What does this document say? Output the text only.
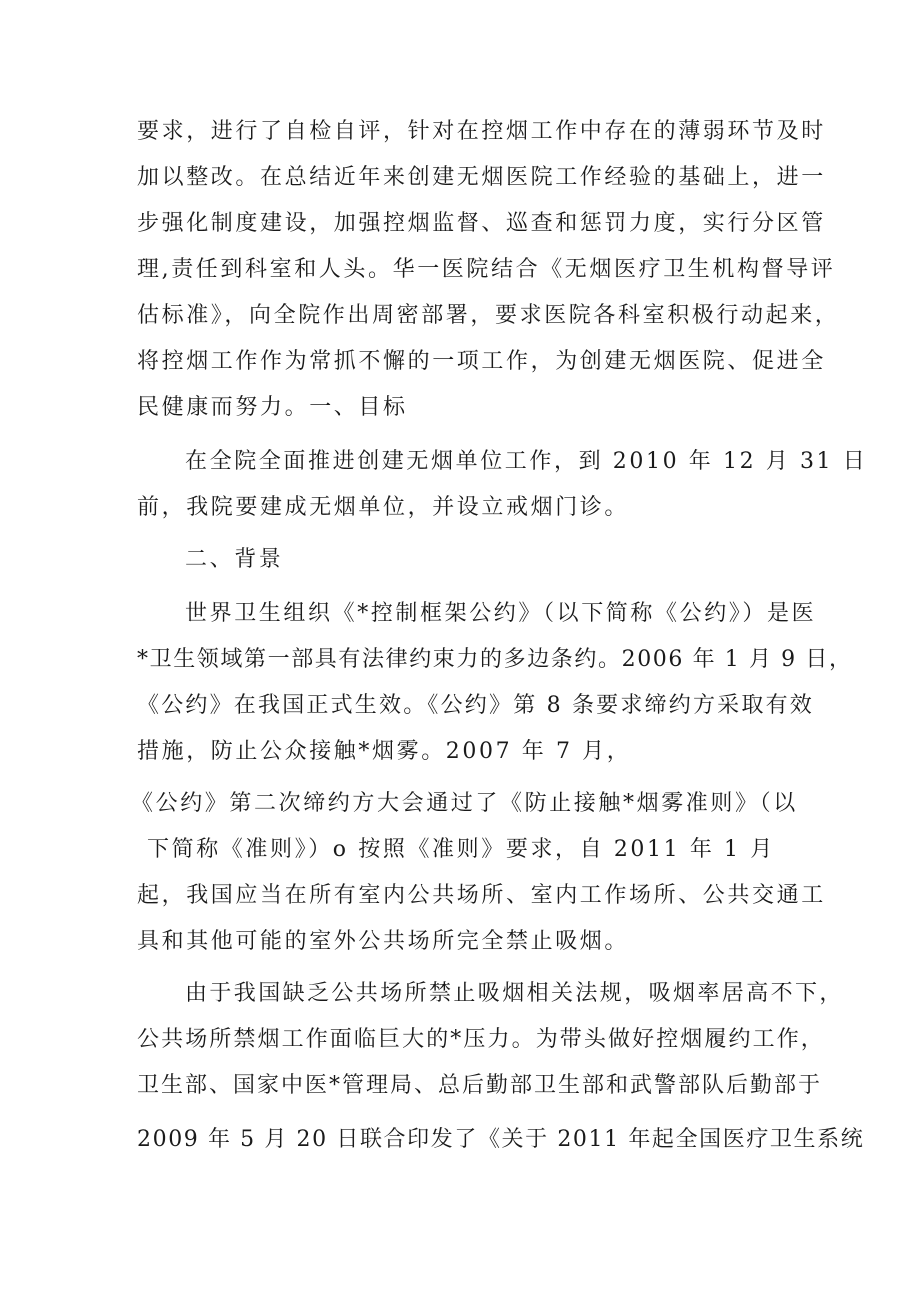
要求，进行了自检自评，针对在控烟工作中存在的薄弱环节及时
加以整改。在总结近年来创建无烟医院工作经验的基础上，进一
步强化制度建设，加强控烟监督、巡查和惩罚力度，实行分区管
理,责任到科室和人头。华一医院结合《无烟医疗卫生机构督导评
估标准》，向全院作出周密部署，要求医院各科室积极行动起来，
将控烟工作作为常抓不懈的一项工作，为创建无烟医院、促进全
民健康而努力。一、目标
在全院全面推进创建无烟单位工作，到 2010 年 12 月 31 日
前，我院要建成无烟单位，并设立戒烟门诊。
二、背景
世界卫生组织《*控制框架公约》（以下简称《公约》）是医
*卫生领域第一部具有法律约束力的多边条约。2006 年 1 月 9 日，
《公约》在我国正式生效。《公约》第 8 条要求缔约方采取有效
措施，防止公众接触*烟雾。2007 年 7 月，
《公约》第二次缔约方大会通过了《防止接触*烟雾准则》（以
下简称《准则》）o 按照《准则》要求，自 2011 年 1 月
起，我国应当在所有室内公共场所、室内工作场所、公共交通工
具和其他可能的室外公共场所完全禁止吸烟。
由于我国缺乏公共场所禁止吸烟相关法规，吸烟率居高不下，
公共场所禁烟工作面临巨大的*压力。为带头做好控烟履约工作，
卫生部、国家中医*管理局、总后勤部卫生部和武警部队后勤部于
2009 年 5 月 20 日联合印发了《关于 2011 年起全国医疗卫生系统
